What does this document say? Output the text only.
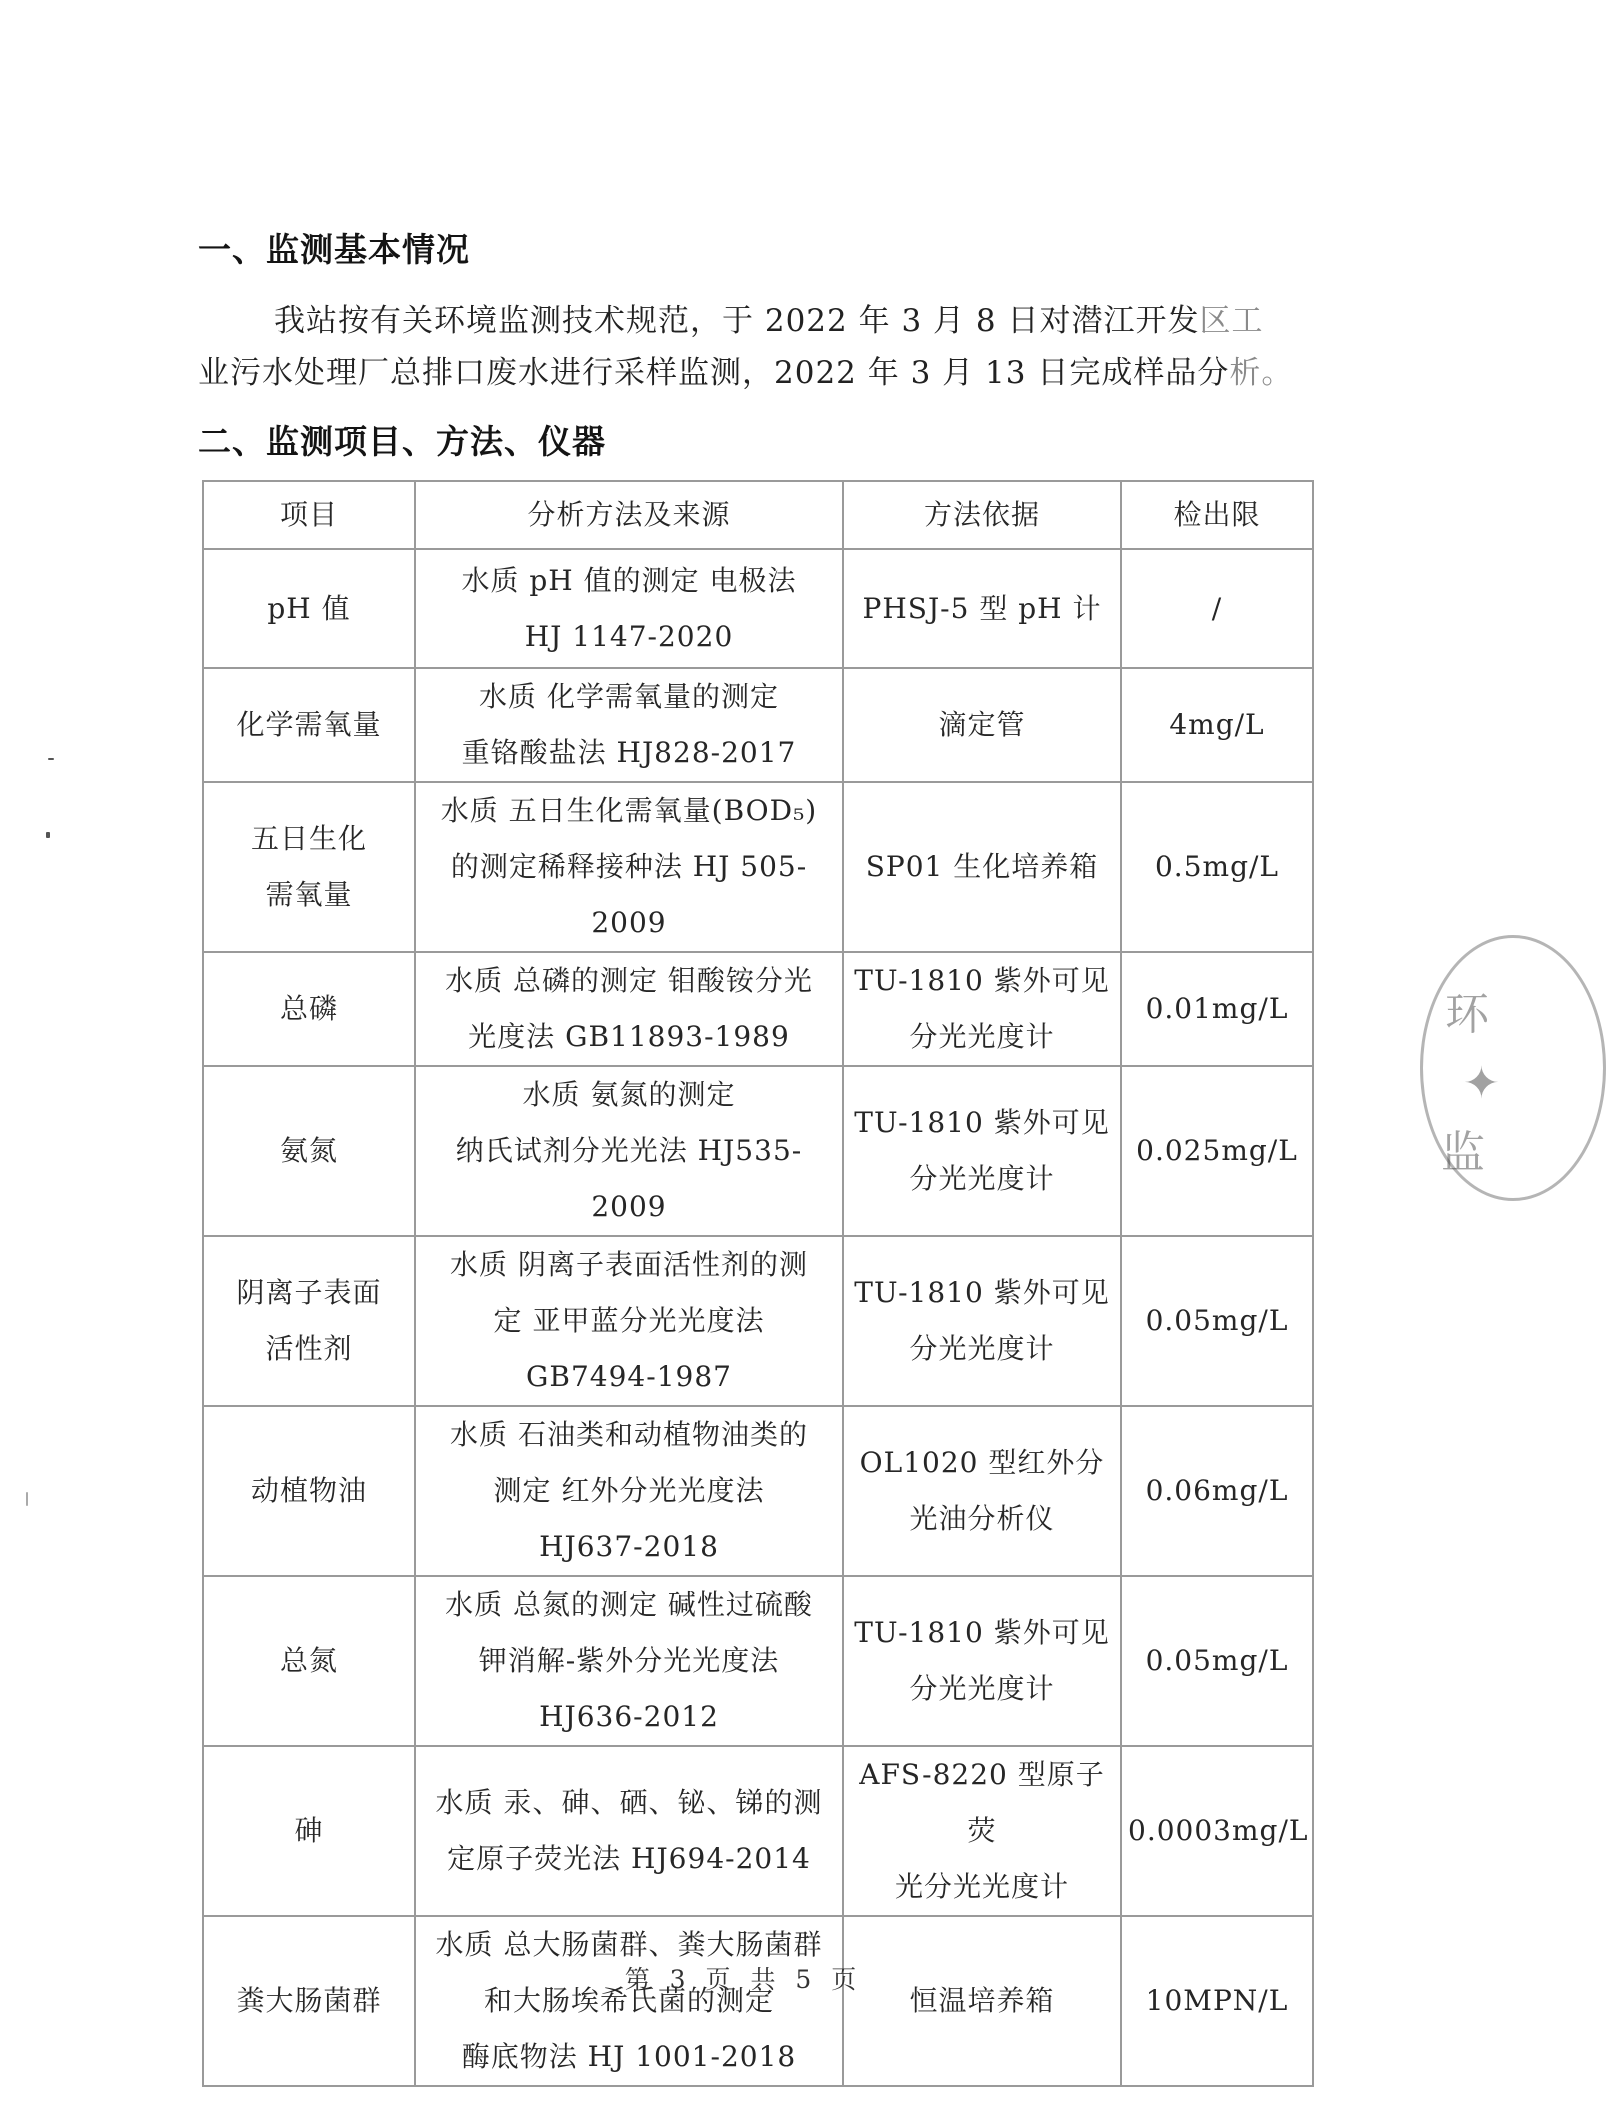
一、监测基本情况
我站按有关环境监测技术规范，于 2022 年 3 月 8 日对潜江开发区工
业污水处理厂总排口废水进行采样监测，2022 年 3 月 13 日完成样品分析。
二、监测项目、方法、仪器
项目	分析方法及来源	方法依据	检出限

pH 值	水质 pH 值的测定 电极法
HJ 1147-2020	PHSJ-5 型 pH 计	/

化学需氧量	水质 化学需氧量的测定
重铬酸盐法 HJ828-2017	滴定管	4mg/L

五日生化
需氧量	水质 五日生化需氧量(BOD₅)
的测定稀释接种法 HJ 505-2009	SP01 生化培养箱	0.5mg/L

总磷	水质 总磷的测定 钼酸铵分光
光度法 GB11893-1989	TU-1810 紫外可见
分光光度计	0.01mg/L

氨氮	水质 氨氮的测定
纳氏试剂分光光法 HJ535-2009	TU-1810 紫外可见
分光光度计	0.025mg/L

阴离子表面
活性剂	水质 阴离子表面活性剂的测
定 亚甲蓝分光光度法
GB7494-1987	TU-1810 紫外可见
分光光度计	0.05mg/L

动植物油	水质 石油类和动植物油类的
测定 红外分光光度法
HJ637-2018	OL1020 型红外分
光油分析仪	0.06mg/L

总氮	水质 总氮的测定 碱性过硫酸
钾消解-紫外分光光度法
HJ636-2012	TU-1810 紫外可见
分光光度计	0.05mg/L

砷	水质 汞、砷、硒、铋、锑的测
定原子荧光法 HJ694-2014	AFS-8220 型原子荧
光分光光度计	0.0003mg/L

粪大肠菌群	水质 总大肠菌群、粪大肠菌群
和大肠埃希氏菌的测定
酶底物法 HJ 1001-2018	恒温培养箱	10MPN/L
第 3 页 共 5 页
环
✦
监
